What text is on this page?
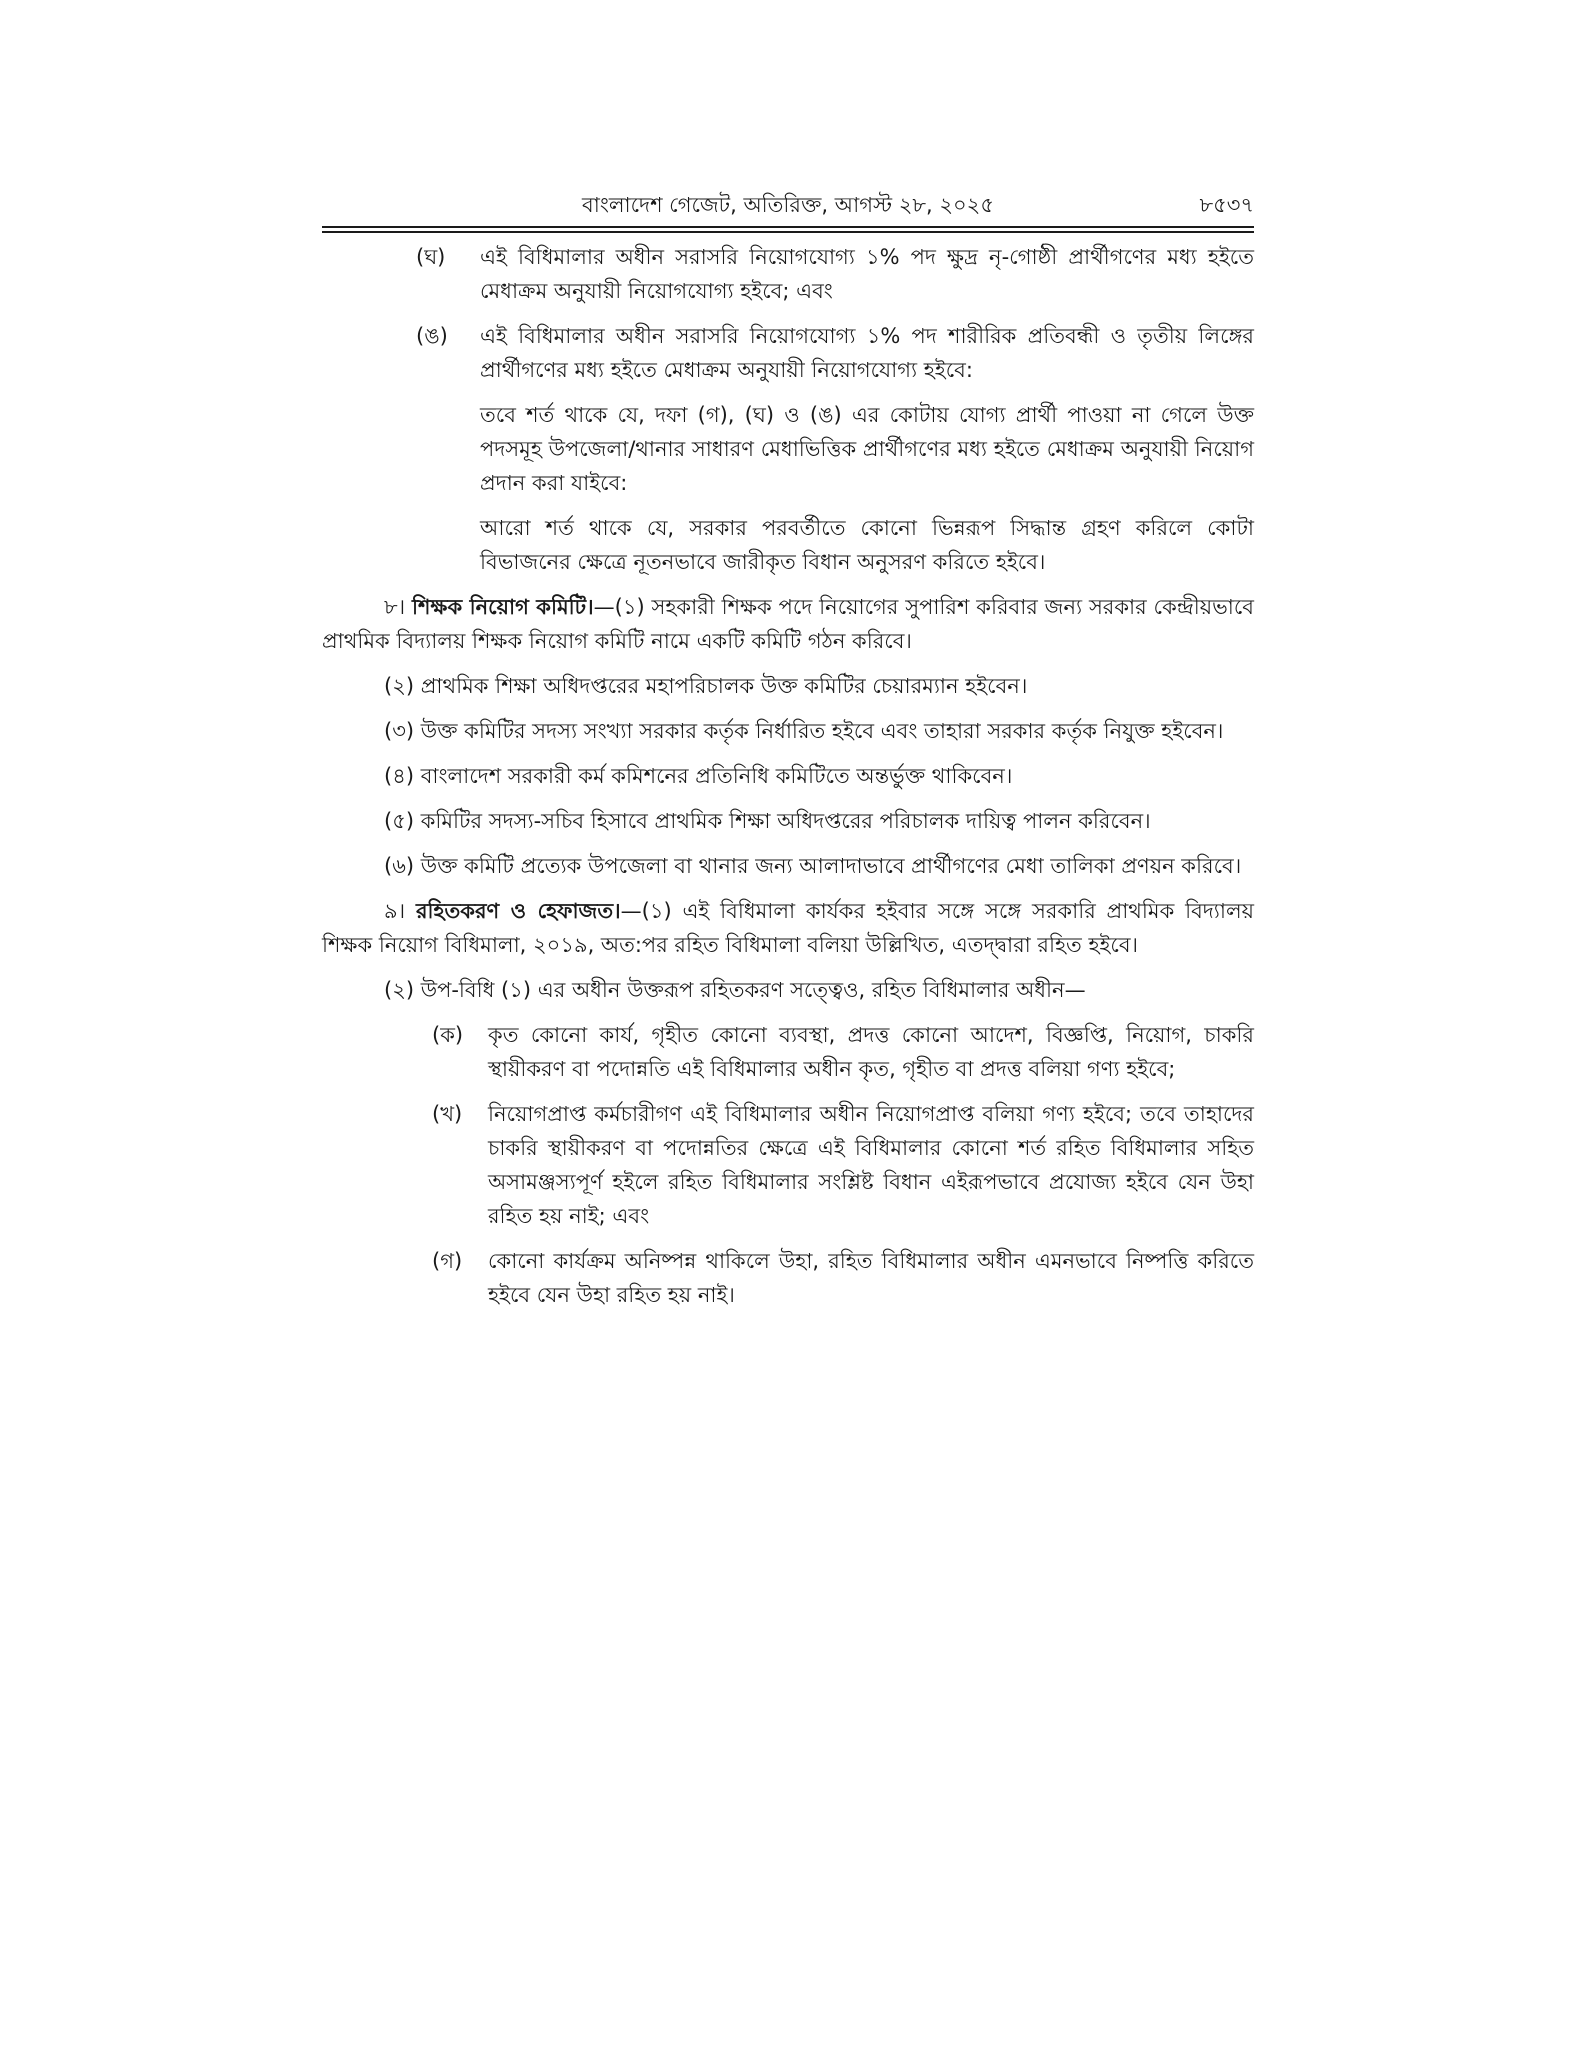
বাংলাদেশ গেজেট, অতিরিক্ত, আগস্ট ২৮, ২০২৫	৮৫৩৭
(ঘ) এই বিধিমালার অধীন সরাসরি নিয়োগযোগ্য ১% পদ ক্ষুদ্র নৃ-গোষ্ঠী প্রার্থীগণের মধ্য হইতে মেধাক্রম অনুযায়ী নিয়োগযোগ্য হইবে; এবং
(ঙ) এই বিধিমালার অধীন সরাসরি নিয়োগযোগ্য ১% পদ শারীরিক প্রতিবন্ধী ও তৃতীয় লিঙ্গের প্রার্থীগণের মধ্য হইতে মেধাক্রম অনুযায়ী নিয়োগযোগ্য হইবে:
তবে শর্ত থাকে যে, দফা (গ), (ঘ) ও (ঙ) এর কোটায় যোগ্য প্রার্থী পাওয়া না গেলে উক্ত পদসমূহ উপজেলা/থানার সাধারণ মেধাভিত্তিক প্রার্থীগণের মধ্য হইতে মেধাক্রম অনুযায়ী নিয়োগ প্রদান করা যাইবে:
আরো শর্ত থাকে যে, সরকার পরবর্তীতে কোনো ভিন্নরূপ সিদ্ধান্ত গ্রহণ করিলে কোটা বিভাজনের ক্ষেত্রে নূতনভাবে জারীকৃত বিধান অনুসরণ করিতে হইবে।
৮। শিক্ষক নিয়োগ কমিটি।—(১) সহকারী শিক্ষক পদে নিয়োগের সুপারিশ করিবার জন্য সরকার কেন্দ্রীয়ভাবে প্রাথমিক বিদ্যালয় শিক্ষক নিয়োগ কমিটি নামে একটি কমিটি গঠন করিবে।
(২) প্রাথমিক শিক্ষা অধিদপ্তরের মহাপরিচালক উক্ত কমিটির চেয়ারম্যান হইবেন।
(৩) উক্ত কমিটির সদস্য সংখ্যা সরকার কর্তৃক নির্ধারিত হইবে এবং তাহারা সরকার কর্তৃক নিযুক্ত হইবেন।
(৪) বাংলাদেশ সরকারী কর্ম কমিশনের প্রতিনিধি কমিটিতে অন্তর্ভুক্ত থাকিবেন।
(৫) কমিটির সদস্য-সচিব হিসাবে প্রাথমিক শিক্ষা অধিদপ্তরের পরিচালক দায়িত্ব পালন করিবেন।
(৬) উক্ত কমিটি প্রত্যেক উপজেলা বা থানার জন্য আলাদাভাবে প্রার্থীগণের মেধা তালিকা প্রণয়ন করিবে।
৯। রহিতকরণ ও হেফাজত।—(১) এই বিধিমালা কার্যকর হইবার সঙ্গে সঙ্গে সরকারি প্রাথমিক বিদ্যালয় শিক্ষক নিয়োগ বিধিমালা, ২০১৯, অত:পর রহিত বিধিমালা বলিয়া উল্লিখিত, এতদ্দ্বারা রহিত হইবে।
(২) উপ-বিধি (১) এর অধীন উক্তরূপ রহিতকরণ সত্ত্বেও, রহিত বিধিমালার অধীন—
(ক) কৃত কোনো কার্য, গৃহীত কোনো ব্যবস্থা, প্রদত্ত কোনো আদেশ, বিজ্ঞপ্তি, নিয়োগ, চাকরি স্থায়ীকরণ বা পদোন্নতি এই বিধিমালার অধীন কৃত, গৃহীত বা প্রদত্ত বলিয়া গণ্য হইবে;
(খ) নিয়োগপ্রাপ্ত কর্মচারীগণ এই বিধিমালার অধীন নিয়োগপ্রাপ্ত বলিয়া গণ্য হইবে; তবে তাহাদের চাকরি স্থায়ীকরণ বা পদোন্নতির ক্ষেত্রে এই বিধিমালার কোনো শর্ত রহিত বিধিমালার সহিত অসামঞ্জস্যপূর্ণ হইলে রহিত বিধিমালার সংশ্লিষ্ট বিধান এইরূপভাবে প্রযোজ্য হইবে যেন উহা রহিত হয় নাই; এবং
(গ) কোনো কার্যক্রম অনিষ্পন্ন থাকিলে উহা, রহিত বিধিমালার অধীন এমনভাবে নিষ্পত্তি করিতে হইবে যেন উহা রহিত হয় নাই।
